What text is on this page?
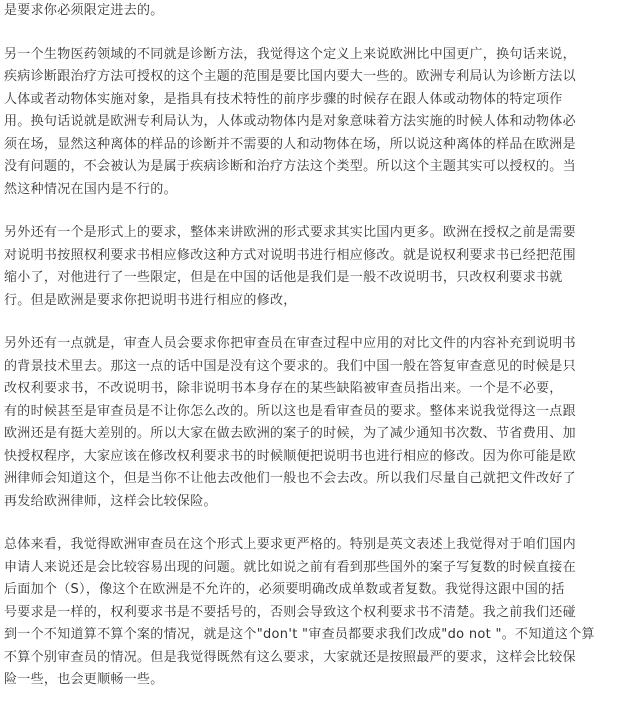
是要求你必须限定进去的。

另一个生物医药领域的不同就是诊断方法，我觉得这个定义上来说欧洲比中国更广，换句话来说，
疾病诊断跟治疗方法可授权的这个主题的范围是要比国内要大一些的。欧洲专利局认为诊断方法以
人体或者动物体实施对象，是指具有技术特性的前序步骤的时候存在跟人体或动物体的特定项作
用。换句话说就是欧洲专利局认为，人体或动物体内是对象意味着方法实施的时候人体和动物体必
须在场，显然这种离体的样品的诊断并不需要的人和动物体在场，所以说这种离体的样品在欧洲是
没有问题的，不会被认为是属于疾病诊断和治疗方法这个类型。所以这个主题其实可以授权的。当
然这种情况在国内是不行的。

另外还有一个是形式上的要求，整体来讲欧洲的形式要求其实比国内更多。欧洲在授权之前是需要
对说明书按照权利要求书相应修改这种方式对说明书进行相应修改。就是说权利要求书已经把范围
缩小了，对他进行了一些限定，但是在中国的话他是我们是一般不改说明书，只改权利要求书就
行。但是欧洲是要求你把说明书进行相应的修改，

另外还有一点就是，审查人员会要求你把审查员在审查过程中应用的对比文件的内容补充到说明书
的背景技术里去。那这一点的话中国是没有这个要求的。我们中国一般在答复审查意见的时候是只
改权利要求书，不改说明书，除非说明书本身存在的某些缺陷被审查员指出来。一个是不必要，
有的时候甚至是审查员是不让你怎么改的。所以这也是看审查员的要求。整体来说我觉得这一点跟
欧洲还是有挺大差别的。所以大家在做去欧洲的案子的时候，为了减少通知书次数、节省费用、加
快授权程序，大家应该在修改权利要求书的时候顺便把说明书也进行相应的修改。因为你可能是欧
洲律师会知道这个，但是当你不让他去改他们一般也不会去改。所以我们尽量自己就把文件改好了
再发给欧洲律师，这样会比较保险。

总体来看，我觉得欧洲审查员在这个形式上要求更严格的。特别是英文表述上我觉得对于咱们国内
申请人来说还是会比较容易出现的问题。就比如说之前有看到那些国外的案子写复数的时候直接在
后面加个（S），像这个在欧洲是不允许的，必须要明确改成单数或者复数。我觉得这跟中国的括
号要求是一样的，权利要求书是不要括号的，否则会导致这个权利要求书不清楚。我之前我们还碰
到一个不知道算不算个案的情况，就是这个"don't "审查员都要求我们改成"do not "。不知道这个算
不算个别审查员的情况。但是我觉得既然有这么要求，大家就还是按照最严的要求，这样会比较保
险一些，也会更顺畅一些。
